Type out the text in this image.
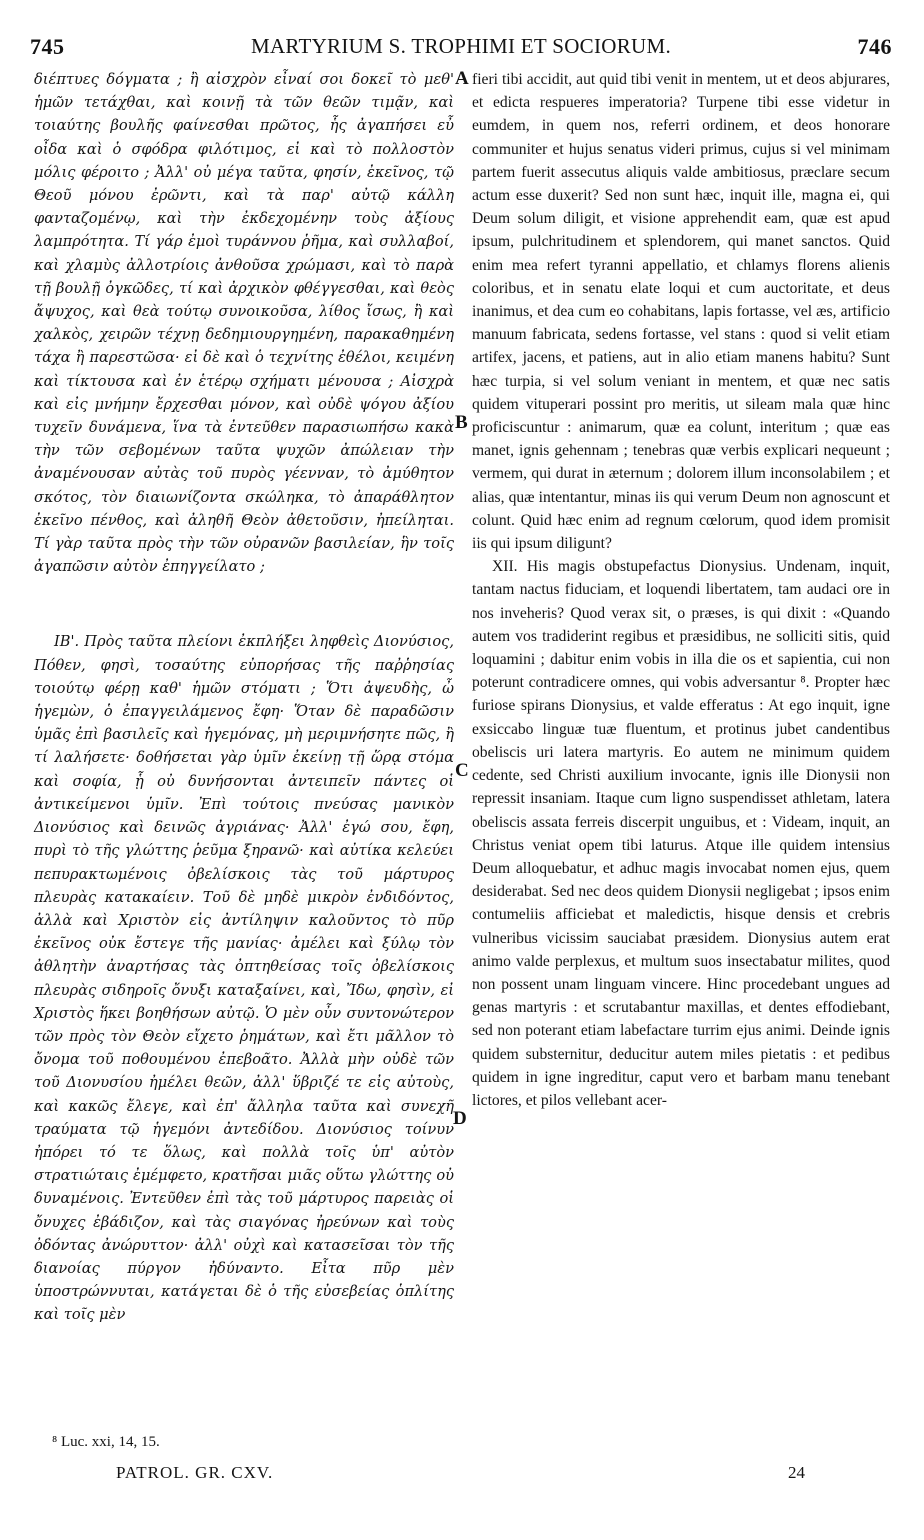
745	MARTYRIUM S. TROPHIMI ET SOCIORUM.	746

διέπτυες δόγματα ; ἢ αἰσχρὸν εἶναί σοι δοκεῖ τὸ μεθ' ἡμῶν τετάχθαι, καὶ κοινῇ τὰ τῶν θεῶν τιμᾷν, καὶ τοιαύτης βουλῆς φαίνεσθαι πρῶτος, ἧς ἀγαπήσει εὖ οἶδα καὶ ὁ σφόδρα φιλότιμος, εἰ καὶ τὸ πολλοστὸν μόλις φέροιτο ; Ἀλλ' οὐ μέγα ταῦτα, φησίν, ἐκεῖνος, τῷ Θεοῦ μόνου ἐρῶντι, καὶ τὰ παρ' αὐτῷ κάλλη φανταζομένῳ, καὶ τὴν ἐκδεχομένην τοὺς ἀξίους λαμπρότητα. Τί γάρ ἐμοὶ τυράννου ῥῆμα, καὶ συλλαβοί, καὶ χλαμὺς ἀλλοτρίοις ἀνθοῦσα χρώμασι, καὶ τὸ παρὰ τῇ βουλῇ ὀγκῶδες, τί καὶ ἀρχικὸν φθέγγεσθαι, καὶ θεὸς ἄψυχος, καὶ θεὰ τούτῳ συνοικοῦσα, λίθος ἴσως, ἢ καὶ χαλκὸς, χειρῶν τέχνῃ δεδημιουργημένη, παρακαθημένη τάχα ἢ παρεστῶσα· εἰ δὲ καὶ ὁ τεχνίτης ἐθέλοι, κειμένη καὶ τίκτουσα καὶ ἐν ἑτέρῳ σχήματι μένουσα ; Αἰσχρὰ καὶ εἰς μνήμην ἔρχεσθαι μόνον, καὶ οὐδὲ ψόγου ἀξίου τυχεῖν δυνάμενα, ἵνα τὰ ἐντεῦθεν παρασιωπήσω κακὰ τὴν τῶν σεβομένων ταῦτα ψυχῶν ἀπώλειαν τὴν ἀναμένουσαν αὐτὰς τοῦ πυρὸς γέενναν, τὸ ἀμύθητον σκότος, τὸν διαιωνίζοντα σκώληκα, τὸ ἀπαράθλητον ἐκεῖνο πένθος, καὶ ἀληθῆ Θεὸν ἀθετοῦσιν, ἠπείληται. Τί γὰρ ταῦτα πρὸς τὴν τῶν οὐρανῶν βασιλείαν, ἣν τοῖς ἀγαπῶσιν αὐτὸν ἐπηγγείλατο ;

ΙΒ'. Πρὸς ταῦτα πλείονι ἐκπλήξει ληφθεὶς Διονύσιος, Πόθεν, φησὶ, τοσαύτης εὐπορήσας τῆς παῤῥησίας τοιούτῳ φέρῃ καθ' ἡμῶν στόματι ; Ὅτι ἀψευδὴς, ὦ ἡγεμὼν, ὁ ἐπαγγειλάμενος ἔφη· Ὅταν δὲ παραδῶσιν ὑμᾶς ἐπὶ βασιλεῖς καὶ ἡγεμόνας, μὴ μεριμνήσητε πῶς, ἢ τί λαλήσετε· δοθήσεται γὰρ ὑμῖν ἐκείνῃ τῇ ὥρᾳ στόμα καὶ σοφία, ᾗ οὐ δυνήσονται ἀντειπεῖν πάντες οἱ ἀντικείμενοι ὑμῖν. Ἐπὶ τούτοις πνεύσας μανικὸν Διονύσιος καὶ δεινῶς ἀγριάνας· Ἀλλ' ἐγώ σου, ἔφη, πυρὶ τὸ τῆς γλώττης ῥεῦμα ξηρανῶ· καὶ αὐτίκα κελεύει πεπυρακτωμένοις ὀβελίσκοις τὰς τοῦ μάρτυρος πλευρὰς κατακαίειν. Τοῦ δὲ μηδὲ μικρὸν ἐνδιδόντος, ἀλλὰ καὶ Χριστὸν εἰς ἀντίληψιν καλοῦντος τὸ πῦρ ἐκεῖνος οὐκ ἔστεγε τῆς μανίας· ἀμέλει καὶ ξύλῳ τὸν ἀθλητὴν ἀναρτήσας τὰς ὀπτηθείσας τοῖς ὀβελίσκοις πλευρὰς σιδηροῖς ὄνυξι καταξαίνει, καὶ, Ἴδω, φησὶν, εἰ Χριστὸς ἥκει βοηθήσων αὐτῷ. Ὁ μὲν οὖν συντονώτερον τῶν πρὸς τὸν Θεὸν εἴχετο ῥημάτων, καὶ ἔτι μᾶλλον τὸ ὄνομα τοῦ ποθουμένου ἐπεβοᾶτο. Ἀλλὰ μὴν οὐδὲ τῶν τοῦ Διονυσίου ἠμέλει θεῶν, ἀλλ' ὕβριζέ τε εἰς αὐτοὺς, καὶ κακῶς ἔλεγε, καὶ ἐπ' ἄλληλα ταῦτα καὶ συνεχῆ τραύματα τῷ ἡγεμόνι ἀντεδίδου. Διονύσιος τοίνυν ἠπόρει τό τε ὅλως, καὶ πολλὰ τοῖς ὑπ' αὐτὸν στρατιώταις ἐμέμφετο, κρατῆσαι μιᾶς οὕτω γλώττης οὐ δυναμένοις. Ἐντεῦθεν ἐπὶ τὰς τοῦ μάρτυρος παρειὰς οἱ ὄνυχες ἐβάδιζον, καὶ τὰς σιαγόνας ἠρεύνων καὶ τοὺς ὀδόντας ἀνώρυττον· ἀλλ' οὐχὶ καὶ κατασεῖσαι τὸν τῆς διανοίας πύργον ἠδύναντο. Εἶτα πῦρ μὲν ὑποστρώννυται, κατάγεται δὲ ὁ τῆς εὐσεβείας ὁπλίτης καὶ τοῖς μὲν

fieri tibi accidit, aut quid tibi venit in mentem, ut et deos abjurares, et edicta respueres imperatoria? Turpene tibi esse videtur in eumdem, in quem nos, referri ordinem, et deos honorare communiter et hujus senatus videri primus, cujus si vel minimam partem fuerit assecutus aliquis valde ambitiosus, præclare secum actum esse duxerit? Sed non sunt hæc, inquit ille, magna ei, qui Deum solum diligit, et visione apprehendit eam, quæ est apud ipsum, pulchritudinem et splendorem, qui manet sanctos. Quid enim mea refert tyranni appellatio, et chlamys florens alienis coloribus, et in senatu elate loqui et cum auctoritate, et deus inanimus, et dea cum eo cohabitans, lapis fortasse, vel æs, artificio manuum fabricata, sedens fortasse, vel stans : quod si velit etiam artifex, jacens, et patiens, aut in alio etiam manens habitu? Sunt hæc turpia, si vel solum veniant in mentem, et quæ nec satis quidem vituperari possint pro meritis, ut sileam mala quæ hinc proficiscuntur : animarum, quæ ea colunt, interitum ; quæ eas manet, ignis gehennam ; tenebras quæ verbis explicari nequeunt ; vermem, qui durat in æternum ; dolorem illum inconsolabilem ; et alias, quæ intentantur, minas iis qui verum Deum non agnoscunt et colunt. Quid hæc enim ad regnum cœlorum, quod idem promisit iis qui ipsum diligunt?

XII. His magis obstupefactus Dionysius. Undenam, inquit, tantam nactus fiduciam, et loquendi libertatem, tam audaci ore in nos inveheris? Quod verax sit, o præses, is qui dixit : «Quando autem vos tradiderint regibus et præsidibus, ne solliciti sitis, quid loquamini ; dabitur enim vobis in illa die os et sapientia, cui non poterunt contradicere omnes, qui vobis adversantur ⁸. Propter hæc furiose spirans Dionysius, et valde efferatus : At ego inquit, igne exsiccabo linguæ tuæ fluentum, et protinus jubet candentibus obeliscis uri latera martyris. Eo autem ne minimum quidem cedente, sed Christi auxilium invocante, ignis ille Dionysii non repressit insaniam. Itaque cum ligno suspendisset athletam, latera obeliscis assata ferreis discerpit unguibus, et : Videam, inquit, an Christus veniat opem tibi laturus. Atque ille quidem intensius Deum alloquebatur, et adhuc magis invocabat nomen ejus, quem desiderabat. Sed nec deos quidem Dionysii negligebat ; ipsos enim contumeliis afficiebat et maledictis, hisque densis et crebris vulneribus vicissim sauciabat præsidem. Dionysius autem erat animo valde perplexus, et multum suos insectabatur milites, quod non possent unam linguam vincere. Hinc procedebant ungues ad genas martyris : et scrutabantur maxillas, et dentes effodiebant, sed non poterant etiam labefactare turrim ejus animi. Deinde ignis quidem substernitur, deducitur autem miles pietatis : et pedibus quidem in igne ingreditur, caput vero et barbam manu tenebant lictores, et pilos vellebant acer-

A
B
C
D
⁸ Luc. xxi, 14, 15.
PATROL. GR. CXV.	24
